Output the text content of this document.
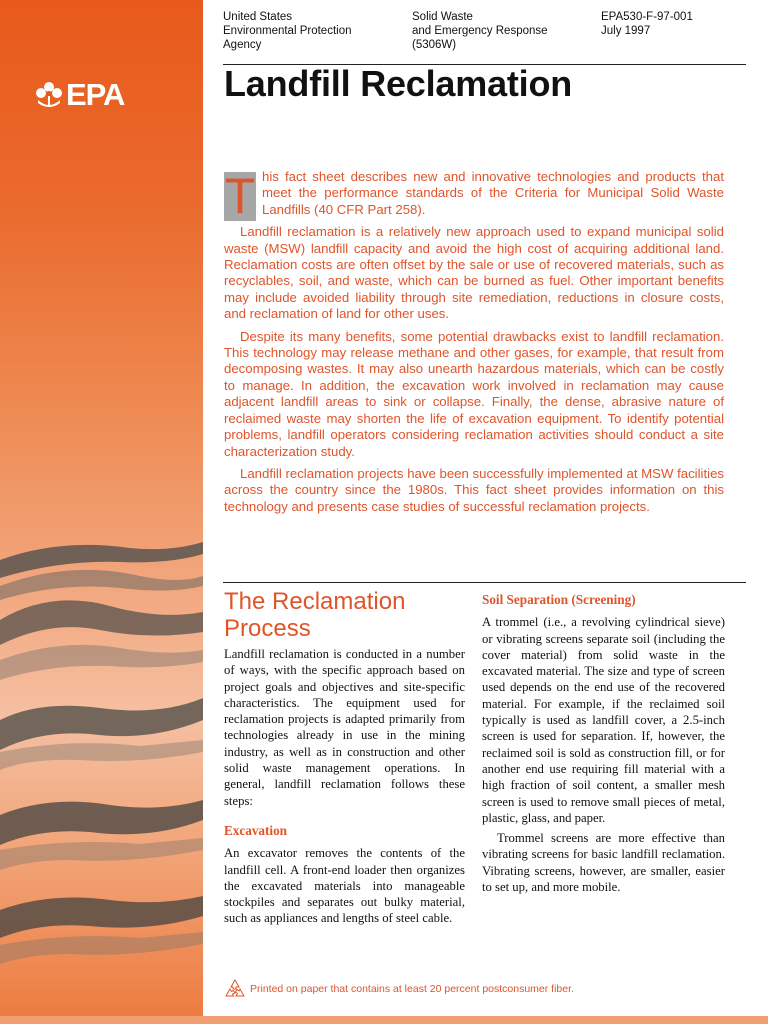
EPA
United States
Environmental Protection
Agency
Solid Waste
and Emergency Response
(5306W)
EPA530-F-97-001
July 1997
Landfill Reclamation

T his fact sheet describes new and innovative technologies and products that meet the performance standards of the Criteria for Municipal Solid Waste Landfills (40 CFR Part 258).

Landfill reclamation is a relatively new approach used to expand municipal solid waste (MSW) landfill capacity and avoid the high cost of acquiring additional land. Reclamation costs are often offset by the sale or use of recovered materials, such as recyclables, soil, and waste, which can be burned as fuel. Other important benefits may include avoided liability through site remediation, reductions in closure costs, and reclamation of land for other uses.

Despite its many benefits, some potential drawbacks exist to landfill reclamation. This technology may release methane and other gases, for example, that result from decomposing wastes. It may also unearth hazardous materials, which can be costly to manage. In addition, the excavation work involved in reclamation may cause adjacent landfill areas to sink or collapse. Finally, the dense, abrasive nature of reclaimed waste may shorten the life of excavation equipment. To identify potential problems, landfill operators considering reclamation activities should conduct a site characterization study.

Landfill reclamation projects have been successfully implemented at MSW facilities across the country since the 1980s. This fact sheet provides information on this technology and presents case studies of successful reclamation projects.

The Reclamation
Process

Landfill reclamation is conducted in a number of ways, with the specific approach based on project goals and objectives and site-specific characteristics. The equipment used for reclamation projects is adapted primarily from technologies already in use in the mining industry, as well as in construction and other solid waste management operations. In general, landfill reclamation follows these steps:

Excavation

An excavator removes the contents of the landfill cell. A front-end loader then organizes the excavated materials into manageable stockpiles and separates out bulky material, such as appliances and lengths of steel cable.

Soil Separation (Screening)

A trommel (i.e., a revolving cylindrical sieve) or vibrating screens separate soil (including the cover material) from solid waste in the excavated material. The size and type of screen used depends on the end use of the recovered material. For example, if the reclaimed soil typically is used as landfill cover, a 2.5-inch screen is used for separation. If, however, the reclaimed soil is sold as construction fill, or for another end use requiring fill material with a high fraction of soil content, a smaller mesh screen is used to remove small pieces of metal, plastic, glass, and paper.

Trommel screens are more effective than vibrating screens for basic landfill reclamation. Vibrating screens, however, are smaller, easier to set up, and more mobile.

Printed on paper that contains at least 20 percent postconsumer fiber.
